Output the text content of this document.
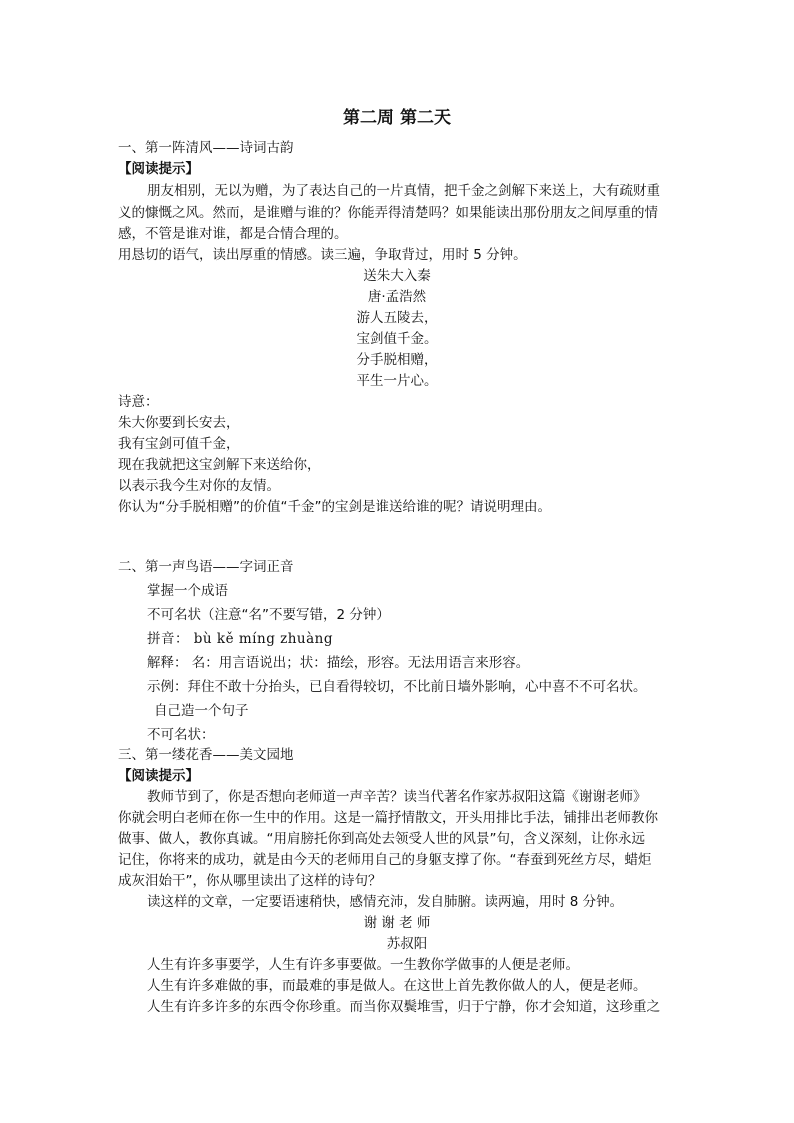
第二周 第二天

一、第一阵清风——诗词古韵

【阅读提示】

朋友相别，无以为赠，为了表达自己的一片真情，把千金之剑解下来送上，大有疏财重

义的慷慨之风。然而，是谁赠与谁的？你能弄得清楚吗？如果能读出那份朋友之间厚重的情

感，不管是谁对谁，都是合情合理的。

用恳切的语气，读出厚重的情感。读三遍，争取背过，用时 5 分钟。

送朱大入秦

唐·孟浩然

游人五陵去，

宝剑值千金。

分手脱相赠，

平生一片心。

诗意：

朱大你要到长安去，

我有宝剑可值千金，

现在我就把这宝剑解下来送给你，

以表示我今生对你的友情。

你认为“分手脱相赠”的价值“千金”的宝剑是谁送给谁的呢？请说明理由。

二、第一声鸟语——字词正音

掌握一个成语

不可名状（注意“名”不要写错，2 分钟）

拼音： bù kě míng zhuàng

解释： 名：用言语说出；状：描绘，形容。无法用语言来形容。

示例：拜住不敢十分抬头，已自看得较切，不比前日墙外影响，心中喜不不可名状。

自己造一个句子

不可名状：

三、第一缕花香——美文园地

【阅读提示】

教师节到了，你是否想向老师道一声辛苦？读当代著名作家苏叔阳这篇《谢谢老师》

你就会明白老师在你一生中的作用。这是一篇抒情散文，开头用排比手法，铺排出老师教你

做事、做人，教你真诚。“用肩膀托你到高处去领受人世的风景”句，含义深刻，让你永远

记住，你将来的成功，就是由今天的老师用自己的身躯支撑了你。“春蚕到死丝方尽，蜡炬

成灰泪始干”，你从哪里读出了这样的诗句？

读这样的文章，一定要语速稍快，感情充沛，发自肺腑。读两遍，用时 8 分钟。

谢 谢 老 师

苏叔阳

人生有许多事要学，人生有许多事要做。一生教你学做事的人便是老师。

人生有许多难做的事，而最难的事是做人。在这世上首先教你做人的人，便是老师。

人生有许多许多的东西令你珍重。而当你双鬓堆雪，归于宁静，你才会知道，这珍重之
